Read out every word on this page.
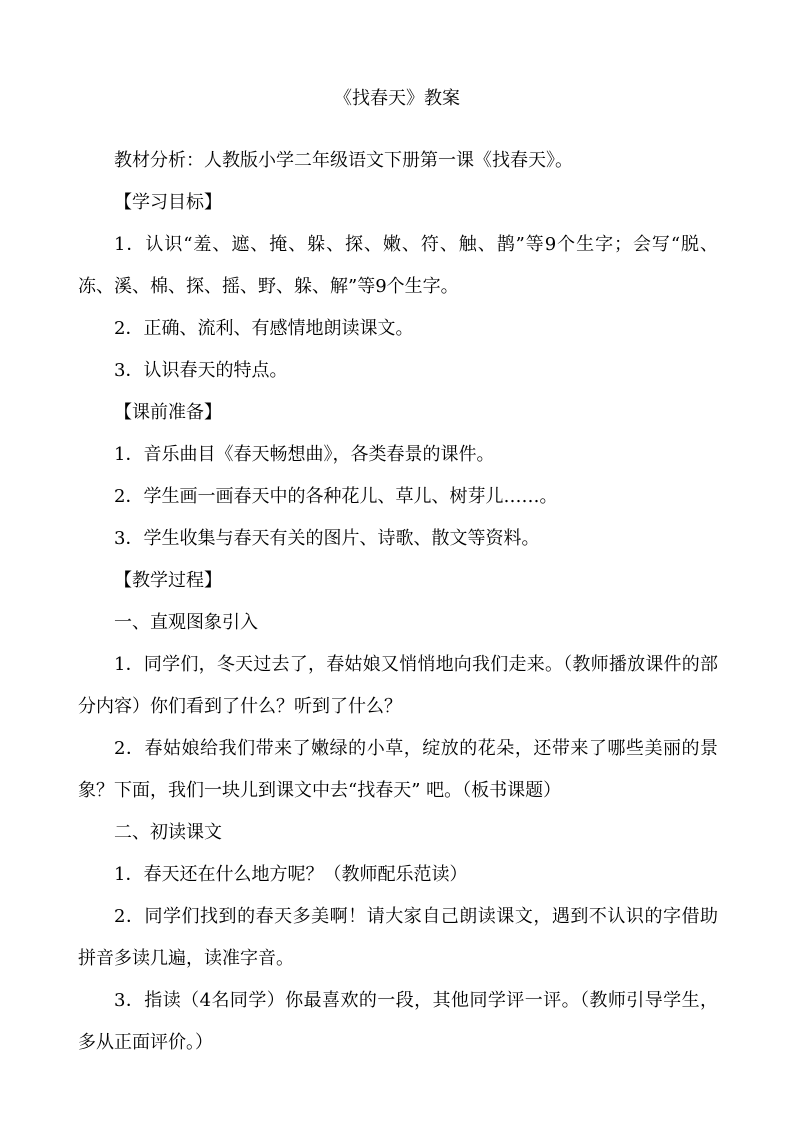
《找春天》教案

教材分析：人教版小学二年级语文下册第一课《找春天》。

【学习目标】

1．认识“羞、遮、掩、躲、探、嫩、符、触、鹊”等9个生字；会写“脱、冻、溪、棉、探、摇、野、躲、解”等9个生字。

2．正确、流利、有感情地朗读课文。

3．认识春天的特点。

【课前准备】

1．音乐曲目《春天畅想曲》，各类春景的课件。

2．学生画一画春天中的各种花儿、草儿、树芽儿……。

3．学生收集与春天有关的图片、诗歌、散文等资料。

【教学过程】

一、直观图象引入

1．同学们，冬天过去了，春姑娘又悄悄地向我们走来。（教师播放课件的部分内容）你们看到了什么？听到了什么？

2．春姑娘给我们带来了嫩绿的小草，绽放的花朵，还带来了哪些美丽的景象？下面，我们一块儿到课文中去“找春天” 吧。（板书课题）

二、初读课文

1．春天还在什么地方呢？（教师配乐范读）

2．同学们找到的春天多美啊！请大家自己朗读课文，遇到不认识的字借助拼音多读几遍，读准字音。

3．指读（4名同学）你最喜欢的一段，其他同学评一评。（教师引导学生，多从正面评价。）
